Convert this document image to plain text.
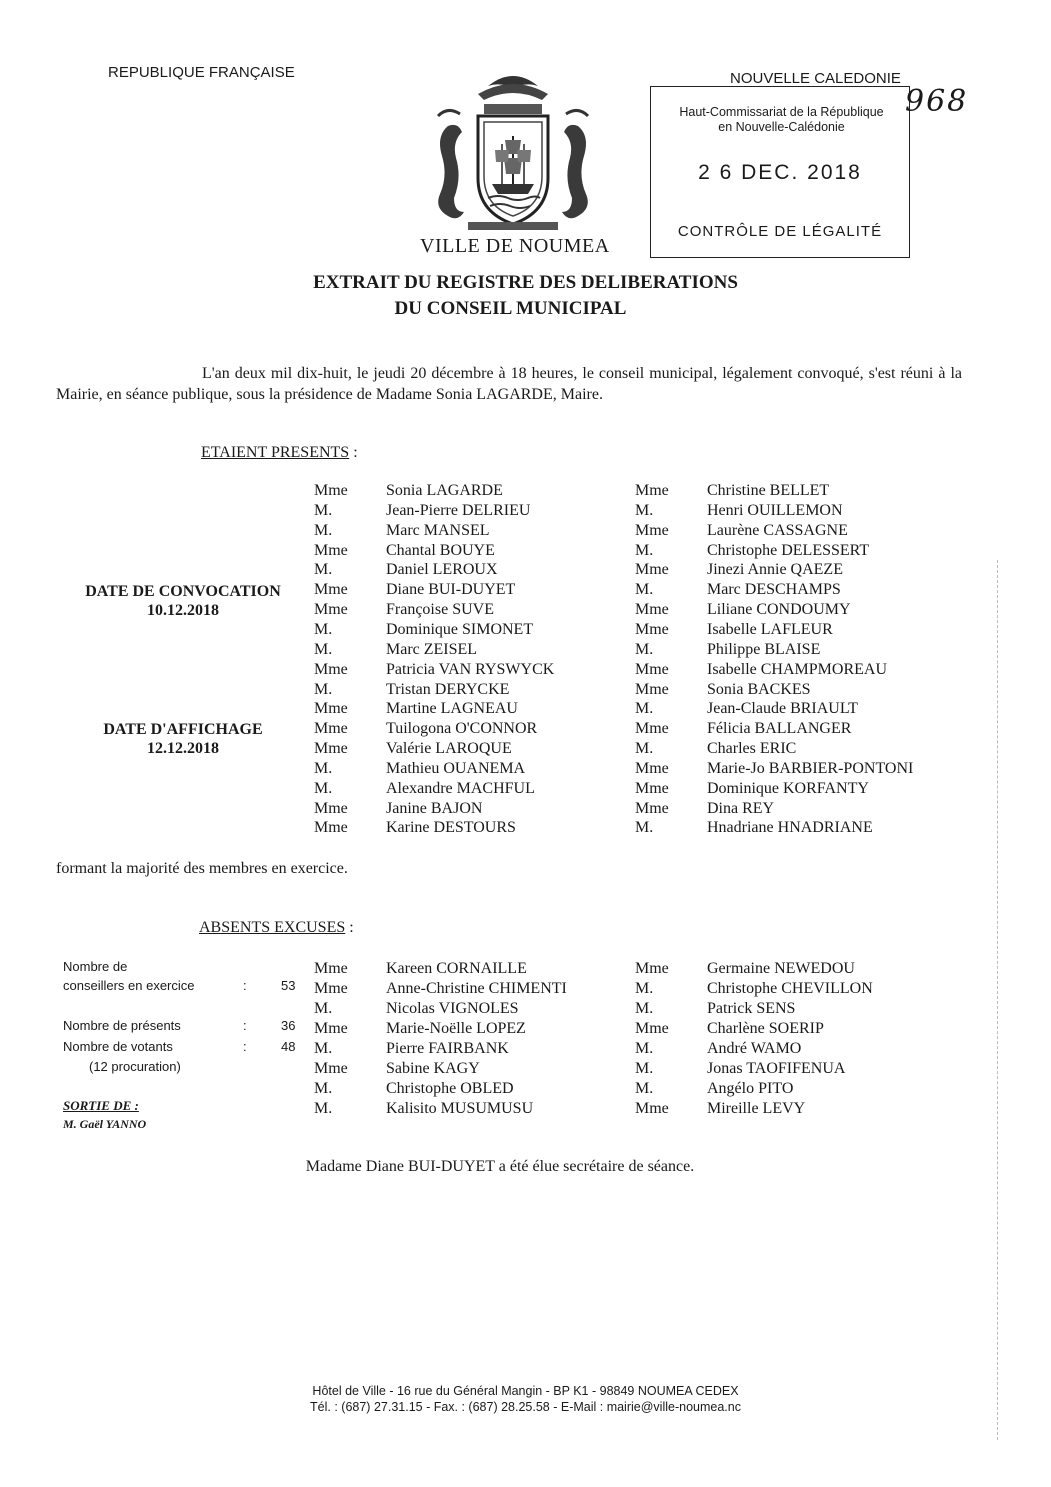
REPUBLIQUE FRANÇAISE	NOUVELLE CALEDONIE
VILLE DE NOUMEA
Haut-Commissariat de la République
en Nouvelle-Calédonie
2 6 DEC. 2018
CONTRÔLE DE LÉGALITÉ
968
EXTRAIT DU REGISTRE DES DELIBERATIONS
DU CONSEIL MUNICIPAL
L'an deux mil dix-huit, le jeudi 20 décembre à 18 heures, le conseil municipal, légalement convoqué, s'est réuni à la Mairie, en séance publique, sous la présidence de Madame Sonia LAGARDE, Maire.
ETAIENT PRESENTS :
DATE DE CONVOCATION
10.12.2018
DATE D'AFFICHAGE
12.12.2018
Mme Sonia LAGARDE	Mme Christine BELLET
M.	Jean-Pierre DELRIEU	M.	Henri OUILLEMON
M.	Marc MANSEL	Mme Laurène CASSAGNE
Mme Chantal BOUYE	M.	Christophe DELESSERT
M.	Daniel LEROUX	Mme Jinezi Annie QAEZE
Mme Diane BUI-DUYET	M.	Marc DESCHAMPS
Mme Françoise SUVE	Mme Liliane CONDOUMY
M.	Dominique SIMONET	Mme Isabelle LAFLEUR
M.	Marc ZEISEL	M.	Philippe BLAISE
Mme Patricia VAN RYSWYCK	Mme Isabelle CHAMPMOREAU
M.	Tristan DERYCKE	Mme Sonia BACKES
Mme Martine LAGNEAU	M.	Jean-Claude BRIAULT
Mme Tuilogona O'CONNOR	Mme Félicia BALLANGER
Mme Valérie LAROQUE	M.	Charles ERIC
M.	Mathieu OUANEMA	Mme Marie-Jo BARBIER-PONTONI
M.	Alexandre MACHFUL	Mme Dominique KORFANTY
Mme Janine BAJON	Mme Dina REY
Mme Karine DESTOURS	M.	Hnadriane HNADRIANE
formant la majorité des membres en exercice.
ABSENTS EXCUSES :
Mme Kareen CORNAILLE	Mme Germaine NEWEDOU
Mme Anne-Christine CHIMENTI	M.	Christophe CHEVILLON
M.	Nicolas VIGNOLES	M.	Patrick SENS
Mme Marie-Noëlle LOPEZ	Mme Charlène SOERIP
M.	Pierre FAIRBANK	M.	André WAMO
Mme Sabine KAGY	M.	Jonas TAOFIFENUA
M.	Christophe OBLED	M.	Angélo PITO
M.	Kalisito MUSUMUSU	Mme Mireille LEVY
Nombre de
conseillers en exercice	:	53
Nombre de présents	:	36
Nombre de votants	:	48
(12 procuration)
SORTIE DE :
M. Gaël YANNO
Madame Diane BUI-DUYET a été élue secrétaire de séance.
Hôtel de Ville - 16 rue du Général Mangin - BP K1 - 98849 NOUMEA CEDEX
Tél. : (687) 27.31.15 - Fax. : (687) 28.25.58 - E-Mail : mairie@ville-noumea.nc
